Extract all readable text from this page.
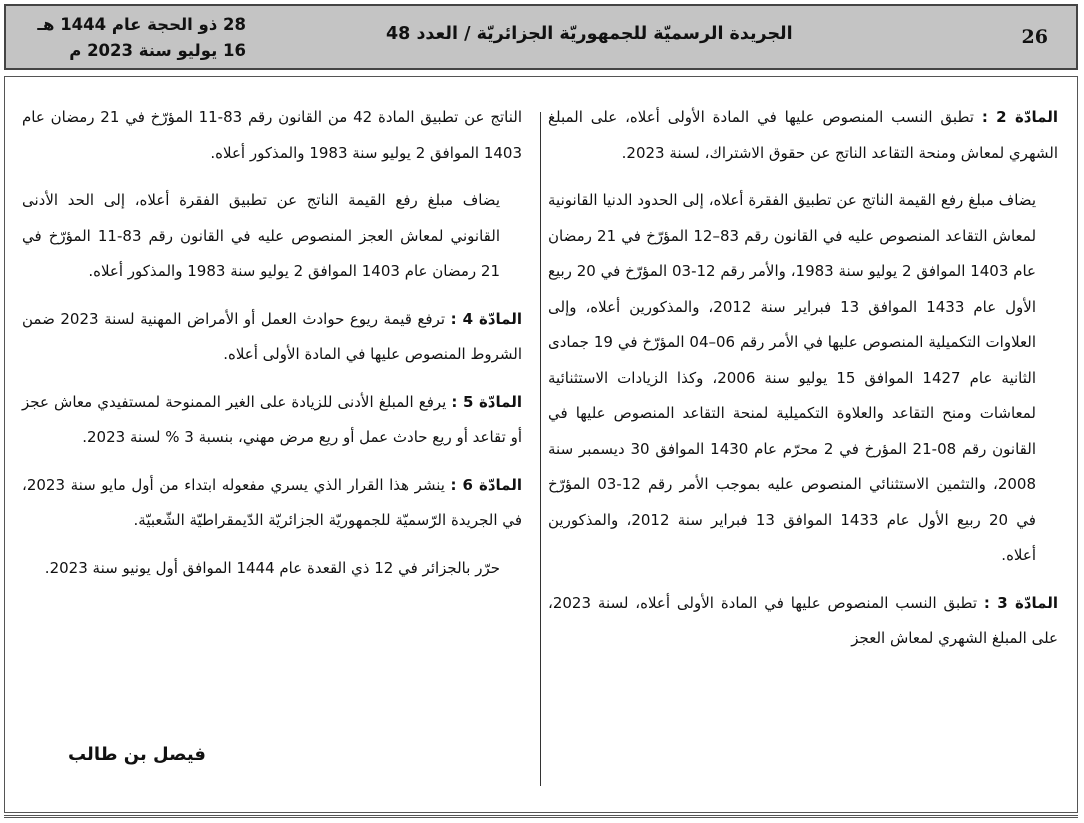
26
الجريدة الرسميّة للجمهوريّة الجزائريّة / العدد 48
28 ذو الحجة عام 1444 هـ
16 يوليو سنة 2023 م

المادّة 2 : تطبق النسب المنصوص عليها في المادة الأولى أعلاه، على المبلغ الشهري لمعاش ومنحة التقاعد الناتج عن حقوق الاشتراك، لسنة 2023.

يضاف مبلغ رفع القيمة الناتج عن تطبيق الفقرة أعلاه، إلى الحدود الدنيا القانونية لمعاش التقاعد المنصوص عليه في القانون رقم 83–12 المؤرّخ في 21 رمضان عام 1403 الموافق 2 يوليو سنة 1983، والأمر رقم 12-03 المؤرّخ في 20 ربيع الأول عام 1433 الموافق 13 فبراير سنة 2012، والمذكورين أعلاه، وإلى العلاوات التكميلية المنصوص عليها في الأمر رقم 06–04 المؤرّخ في 19 جمادى الثانية عام 1427 الموافق 15 يوليو سنة 2006، وكذا الزيادات الاستثنائية لمعاشات ومنح التقاعد والعلاوة التكميلية لمنحة التقاعد المنصوص عليها في القانون رقم 08-21 المؤرخ في 2 محرّم عام 1430 الموافق 30 ديسمبر سنة 2008، والتثمين الاستثنائي المنصوص عليه بموجب الأمر رقم 12-03 المؤرّخ في 20 ربيع الأول عام 1433 الموافق 13 فبراير سنة 2012، والمذكورين أعلاه.

المادّة 3 : تطبق النسب المنصوص عليها في المادة الأولى أعلاه، لسنة 2023، على المبلغ الشهري لمعاش العجز

الناتج عن تطبيق المادة 42 من القانون رقم 83-11 المؤرّخ في 21 رمضان عام 1403 الموافق 2 يوليو سنة 1983 والمذكور أعلاه.

يضاف مبلغ رفع القيمة الناتج عن تطبيق الفقرة أعلاه، إلى الحد الأدنى القانوني لمعاش العجز المنصوص عليه في القانون رقم 83-11 المؤرّخ في 21 رمضان عام 1403 الموافق 2 يوليو سنة 1983 والمذكور أعلاه.

المادّة 4 : ترفع قيمة ريوع حوادث العمل أو الأمراض المهنية لسنة 2023 ضمن الشروط المنصوص عليها في المادة الأولى أعلاه.

المادّة 5 : يرفع المبلغ الأدنى للزيادة على الغير الممنوحة لمستفيدي معاش عجز أو تقاعد أو ريع حادث عمل أو ريع مرض مهني، بنسبة 3 % لسنة 2023.

المادّة 6 : ينشر هذا القرار الذي يسري مفعوله ابتداء من أول مايو سنة 2023، في الجريدة الرّسميّة للجمهوريّة الجزائريّة الدّيمقراطيّة الشّعبيّة.

حرّر بالجزائر في 12 ذي القعدة عام 1444 الموافق أول يونيو سنة 2023.

فيصل بن طالب
